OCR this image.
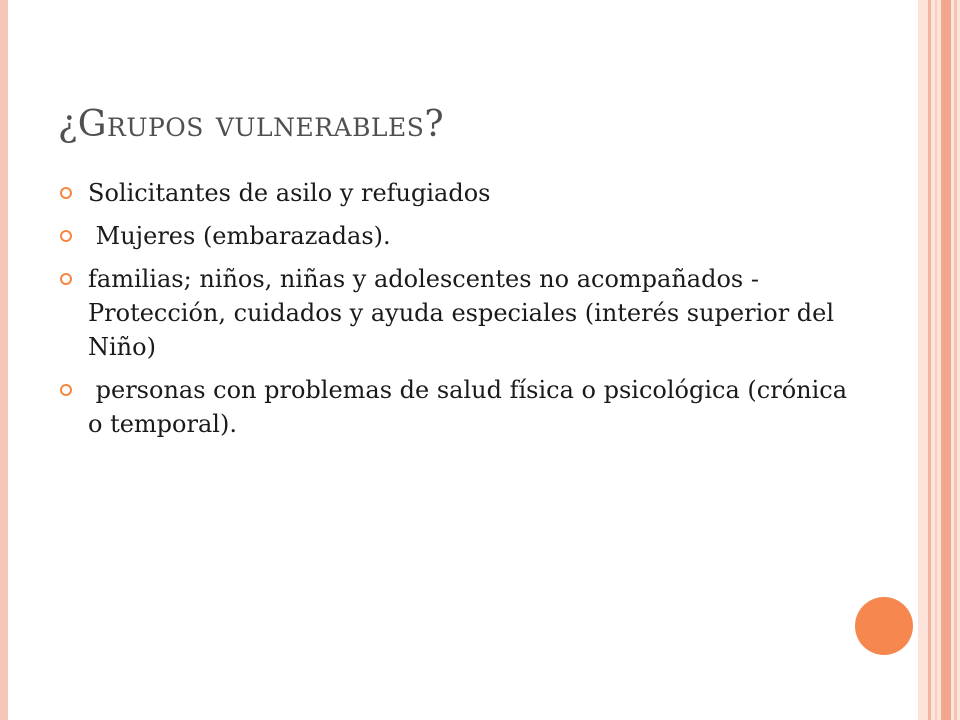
¿Grupos vulnerables?
Solicitantes de asilo y refugiados
Mujeres (embarazadas).
familias; niños, niñas y adolescentes no acompañados -Protección, cuidados y ayuda especiales (interés superior del Niño)
personas con problemas de salud física o psicológica (crónica o temporal).
